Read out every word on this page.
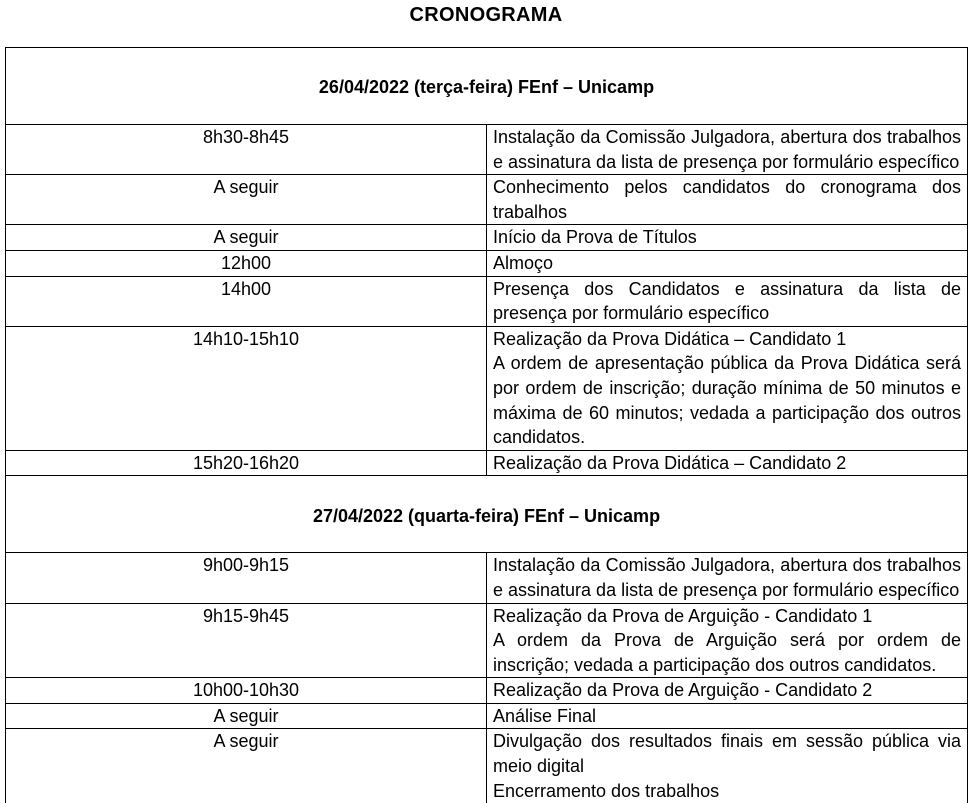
CRONOGRAMA
26/04/2022 (terça-feira) FEnf – Unicamp	
8h30-8h45	Instalação da Comissão Julgadora, abertura dos trabalhos e assinatura da lista de presença por formulário específico
A seguir	Conhecimento pelos candidatos do cronograma dos trabalhos
A seguir	Início da Prova de Títulos
12h00	Almoço
14h00	Presença dos Candidatos e assinatura da lista de presença por formulário específico
14h10-15h10	Realização da Prova Didática – Candidato 1
A ordem de apresentação pública da Prova Didática será por ordem de inscrição; duração mínima de 50 minutos e máxima de 60 minutos; vedada a participação dos outros candidatos.

15h20-16h20	Realização da Prova Didática – Candidato 2
27/04/2022 (quarta-feira) FEnf – Unicamp	
9h00-9h15	Instalação da Comissão Julgadora, abertura dos trabalhos e assinatura da lista de presença por formulário específico
9h15-9h45	Realização da Prova de Arguição - Candidato 1
A ordem da Prova de Arguição será por ordem de inscrição; vedada a participação dos outros candidatos.

10h00-10h30	Realização da Prova de Arguição - Candidato 2
A seguir	Análise Final
A seguir	Divulgação dos resultados finais em sessão pública via meio digital
Encerramento dos trabalhos
